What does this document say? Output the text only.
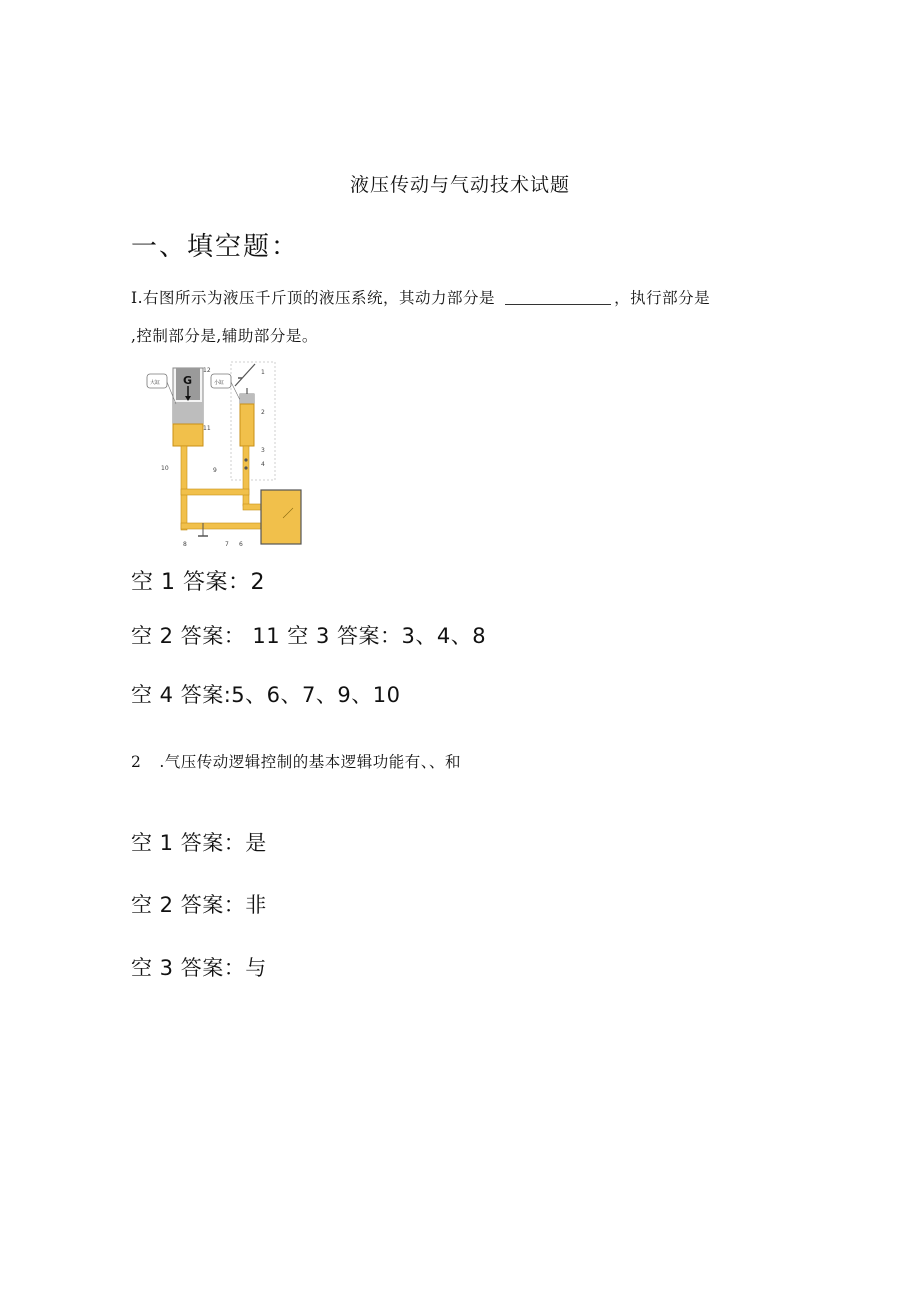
液压传动与气动技术试题
一、填空题：
I.右图所示为液压千斤顶的液压系统，其动力部分是	，执行部分是
,控制部分是,辅助部分是。
G
大缸	小缸
12
11
1
2
3
4
10	9
8	7 6
空 1 答案：2
空 2 答案： 11 空 3 答案：3、4、8
空 4 答案:5、6、7、9、10
2 .气压传动逻辑控制的基本逻辑功能有、、和
空 1 答案：是
空 2 答案：非
空 3 答案：与
